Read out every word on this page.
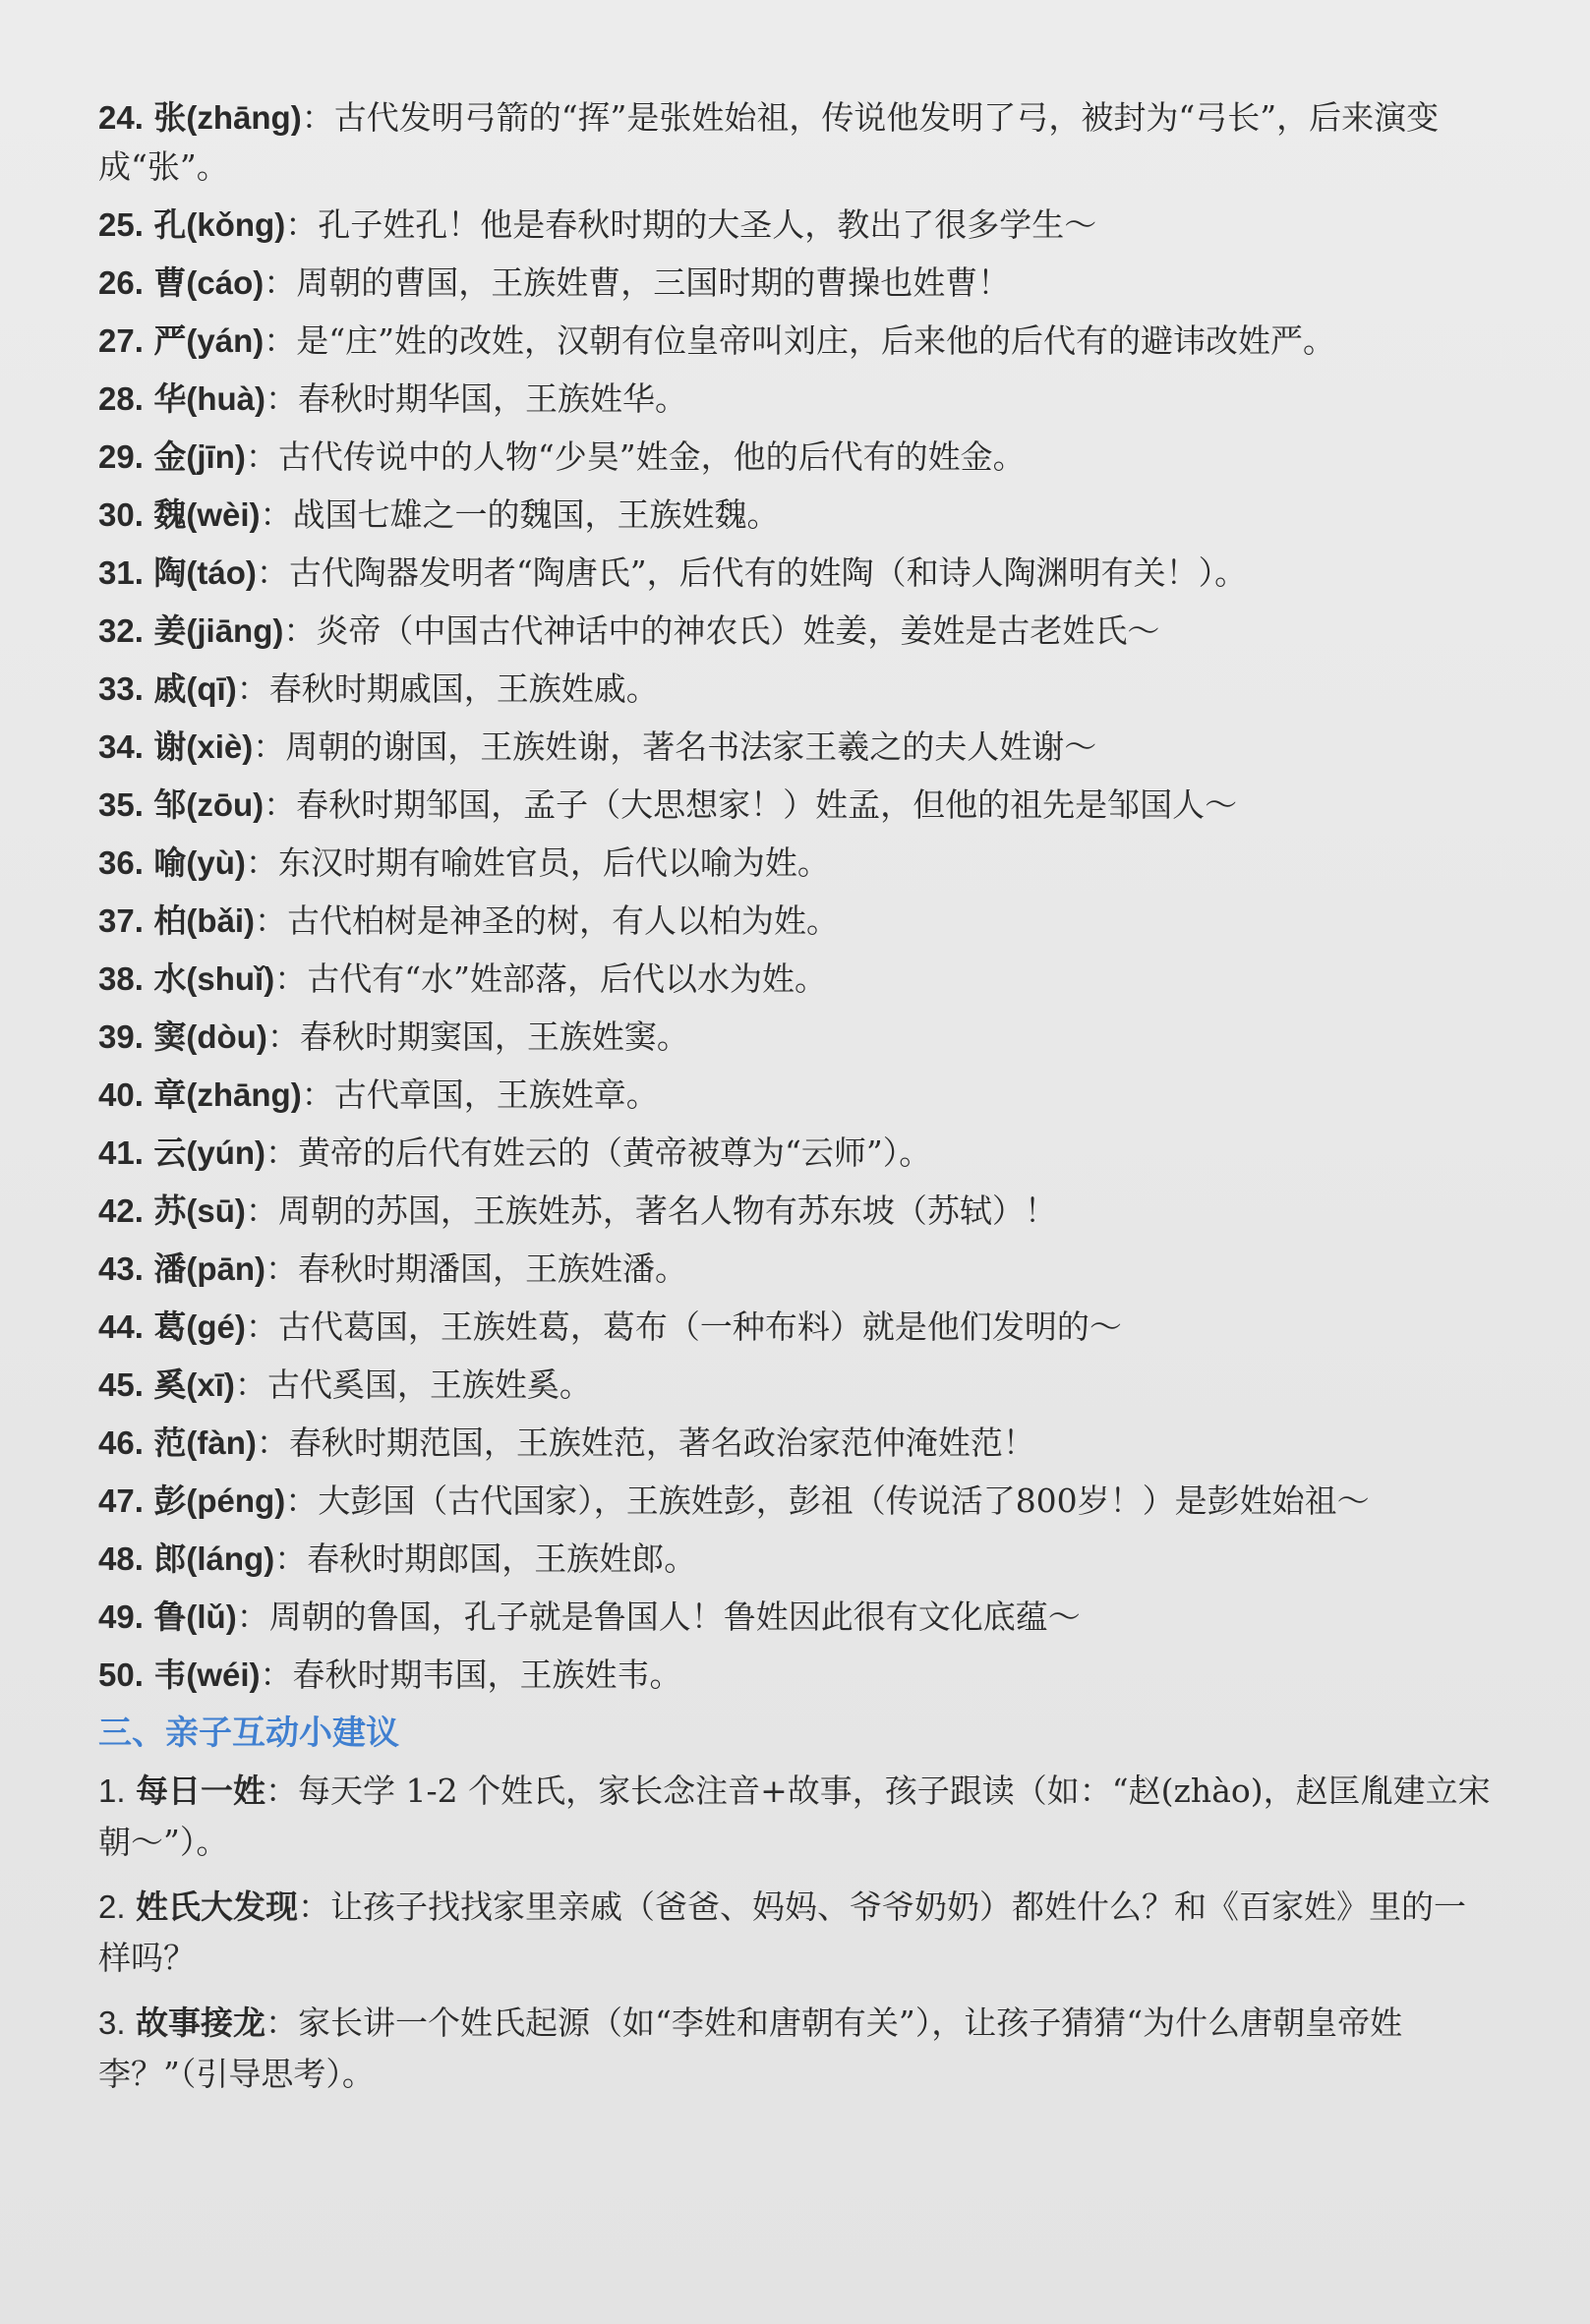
24. 张(zhāng)：古代发明弓箭的“挥”是张姓始祖，传说他发明了弓，被封为“弓长”，后来演变成“张”。
25. 孔(kǒng)：孔子姓孔！他是春秋时期的大圣人，教出了很多学生～
26. 曹(cáo)：周朝的曹国，王族姓曹，三国时期的曹操也姓曹！
27. 严(yán)：是“庄”姓的改姓，汉朝有位皇帝叫刘庄，后来他的后代有的避讳改姓严。
28. 华(huà)：春秋时期华国，王族姓华。
29. 金(jīn)：古代传说中的人物“少昊”姓金，他的后代有的姓金。
30. 魏(wèi)：战国七雄之一的魏国，王族姓魏。
31. 陶(táo)：古代陶器发明者“陶唐氏”，后代有的姓陶（和诗人陶渊明有关！）。
32. 姜(jiāng)：炎帝（中国古代神话中的神农氏）姓姜，姜姓是古老姓氏～
33. 戚(qī)：春秋时期戚国，王族姓戚。
34. 谢(xiè)：周朝的谢国，王族姓谢，著名书法家王羲之的夫人姓谢～
35. 邹(zōu)：春秋时期邹国，孟子（大思想家！）姓孟，但他的祖先是邹国人～
36. 喻(yù)：东汉时期有喻姓官员，后代以喻为姓。
37. 柏(bǎi)：古代柏树是神圣的树，有人以柏为姓。
38. 水(shuǐ)：古代有“水”姓部落，后代以水为姓。
39. 窦(dòu)：春秋时期窦国，王族姓窦。
40. 章(zhāng)：古代章国，王族姓章。
41. 云(yún)：黄帝的后代有姓云的（黄帝被尊为“云师”）。
42. 苏(sū)：周朝的苏国，王族姓苏，著名人物有苏东坡（苏轼）！
43. 潘(pān)：春秋时期潘国，王族姓潘。
44. 葛(gé)：古代葛国，王族姓葛，葛布（一种布料）就是他们发明的～
45. 奚(xī)：古代奚国，王族姓奚。
46. 范(fàn)：春秋时期范国，王族姓范，著名政治家范仲淹姓范！
47. 彭(péng)：大彭国（古代国家），王族姓彭，彭祖（传说活了800岁！）是彭姓始祖～
48. 郎(láng)：春秋时期郎国，王族姓郎。
49. 鲁(lǔ)：周朝的鲁国，孔子就是鲁国人！鲁姓因此很有文化底蕴～
50. 韦(wéi)：春秋时期韦国，王族姓韦。
三、亲子互动小建议
1. 每日一姓：每天学 1-2 个姓氏，家长念注音+故事，孩子跟读（如：“赵(zhào)，赵匡胤建立宋朝～”）。
2. 姓氏大发现：让孩子找找家里亲戚（爸爸、妈妈、爷爷奶奶）都姓什么？和《百家姓》里的一样吗？
3. 故事接龙：家长讲一个姓氏起源（如“李姓和唐朝有关”），让孩子猜猜“为什么唐朝皇帝姓李？”（引导思考）。
